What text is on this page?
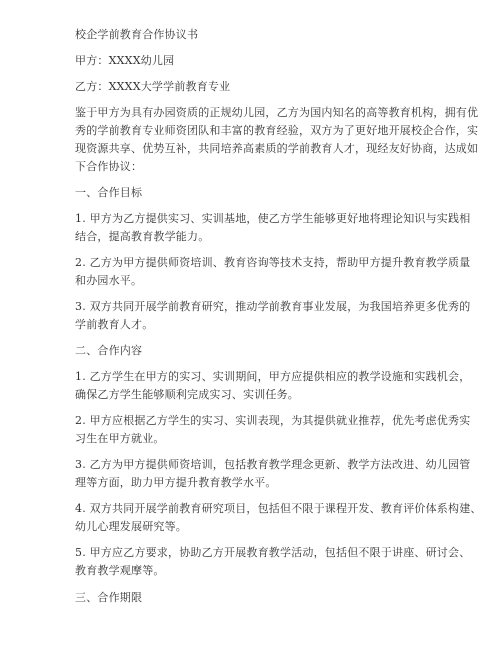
校企学前教育合作协议书

甲方：XXXX幼儿园

乙方：XXXX大学学前教育专业

鉴于甲方为具有办园资质的正规幼儿园，乙方为国内知名的高等教育机构，拥有优

秀的学前教育专业师资团队和丰富的教育经验，双方为了更好地开展校企合作，实

现资源共享、优势互补，共同培养高素质的学前教育人才，现经友好协商，达成如

下合作协议：

一、合作目标

1. 甲方为乙方提供实习、实训基地，使乙方学生能够更好地将理论知识与实践相

结合，提高教育教学能力。

2. 乙方为甲方提供师资培训、教育咨询等技术支持，帮助甲方提升教育教学质量

和办园水平。

3. 双方共同开展学前教育研究，推动学前教育事业发展，为我国培养更多优秀的

学前教育人才。

二、合作内容

1. 乙方学生在甲方的实习、实训期间，甲方应提供相应的教学设施和实践机会，

确保乙方学生能够顺利完成实习、实训任务。

2. 甲方应根据乙方学生的实习、实训表现，为其提供就业推荐，优先考虑优秀实

习生在甲方就业。

3. 乙方为甲方提供师资培训，包括教育教学理念更新、教学方法改进、幼儿园管

理等方面，助力甲方提升教育教学水平。

4. 双方共同开展学前教育研究项目，包括但不限于课程开发、教育评价体系构建、

幼儿心理发展研究等。

5. 甲方应乙方要求，协助乙方开展教育教学活动，包括但不限于讲座、研讨会、

教育教学观摩等。

三、合作期限
